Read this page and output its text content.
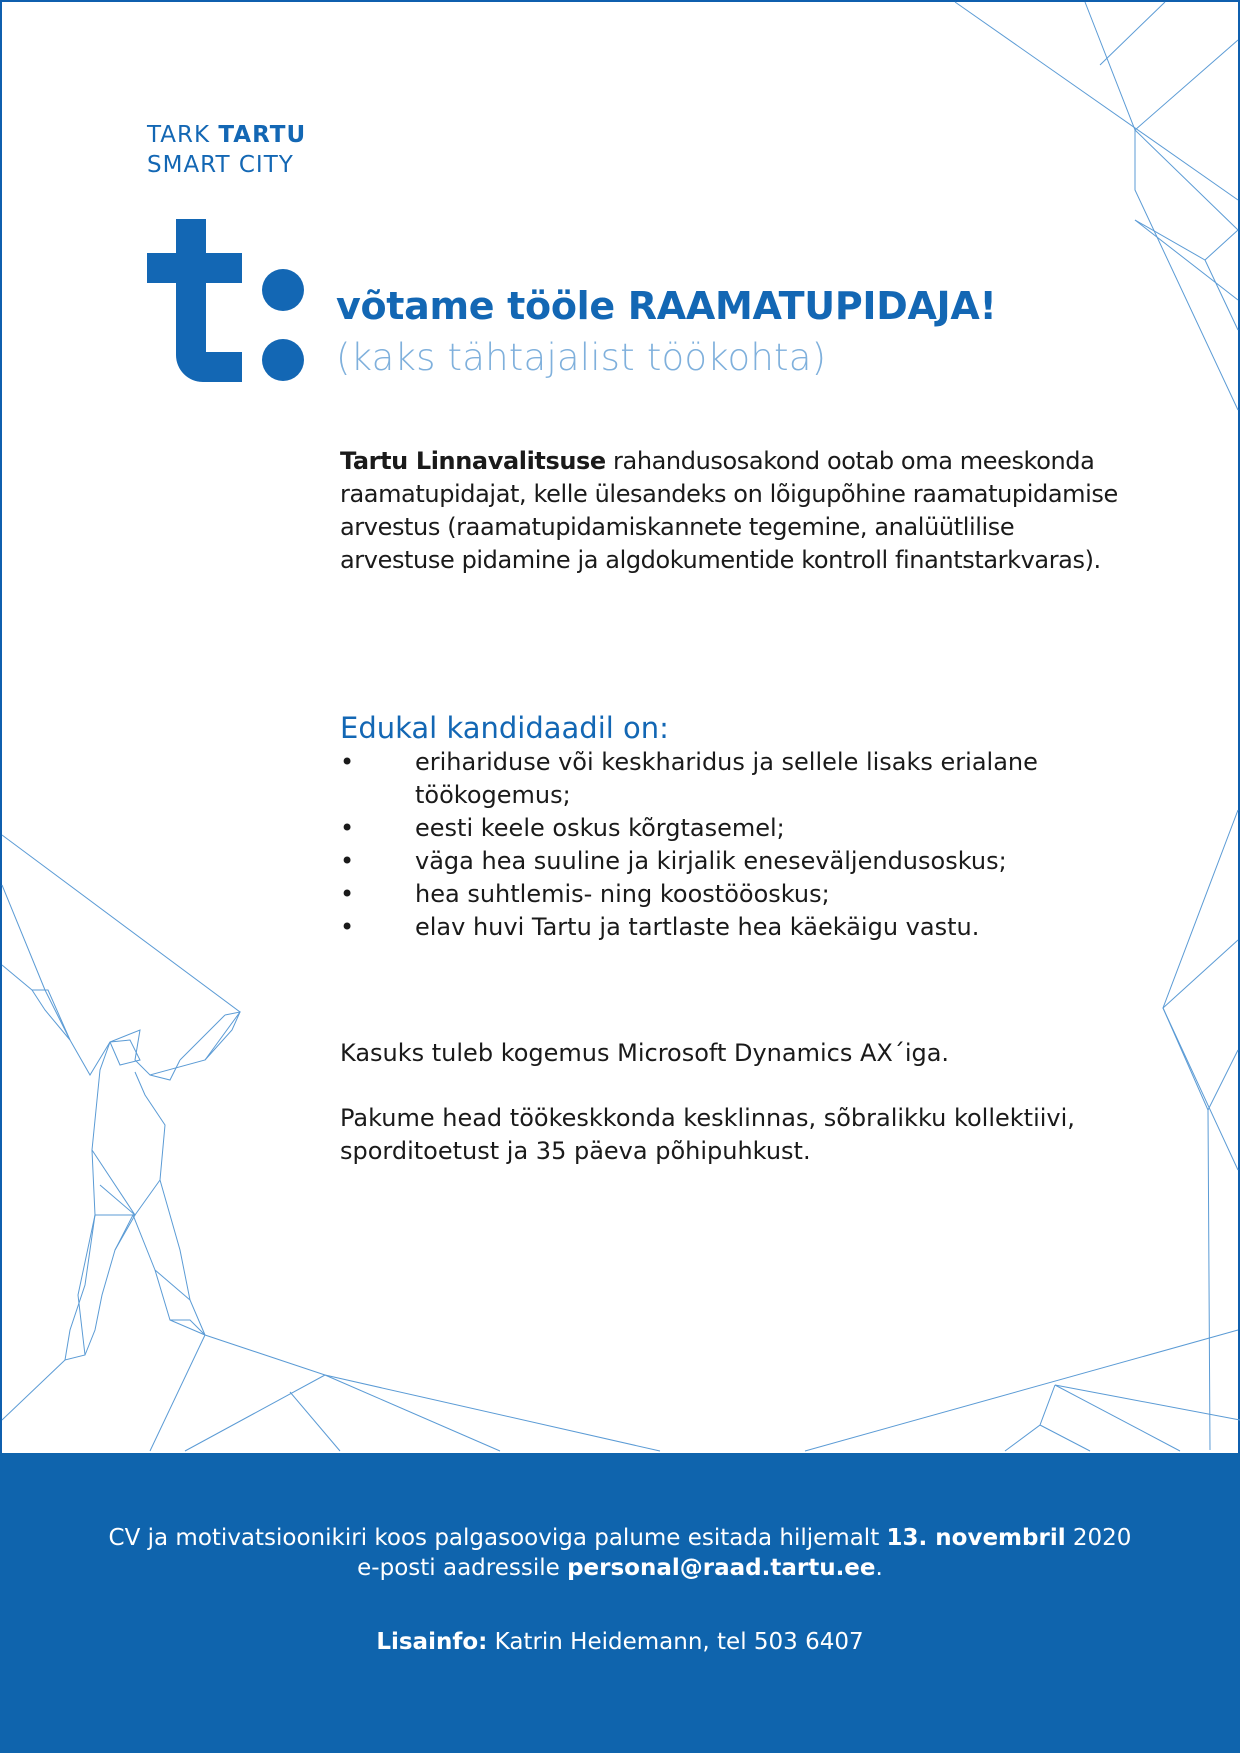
TARK TARTU
SMART CITY
võtame tööle RAAMATUPIDAJA!
(kaks tähtajalist töökohta)
Tartu Linnavalitsuse rahandusosakond ootab oma meeskonda raamatupidajat, kelle ülesandeks on lõigupõhine raamatupidamise arvestus (raamatupidamiskannete tegemine, analüütlilise arvestuse pidamine ja algdokumentide kontroll finantstarkvaras).
Edukal kandidaadil on:
•	erihariduse või keskharidus ja sellele lisaks erialane töökogemus;
•	eesti keele oskus kõrgtasemel;
•	väga hea suuline ja kirjalik eneseväljendusoskus;
•	hea suhtlemis- ning koostööoskus;
•	elav huvi Tartu ja tartlaste hea käekäigu vastu.
Kasuks tuleb kogemus Microsoft Dynamics AX´iga.
Pakume head töökeskkonda kesklinnas, sõbralikku kollektiivi, sporditoetust ja 35 päeva põhipuhkust.
CV ja motivatsioonikiri koos palgasooviga palume esitada hiljemalt 13. novembril 2020
e-posti aadressile personal@raad.tartu.ee.
Lisainfo: Katrin Heidemann, tel 503 6407
